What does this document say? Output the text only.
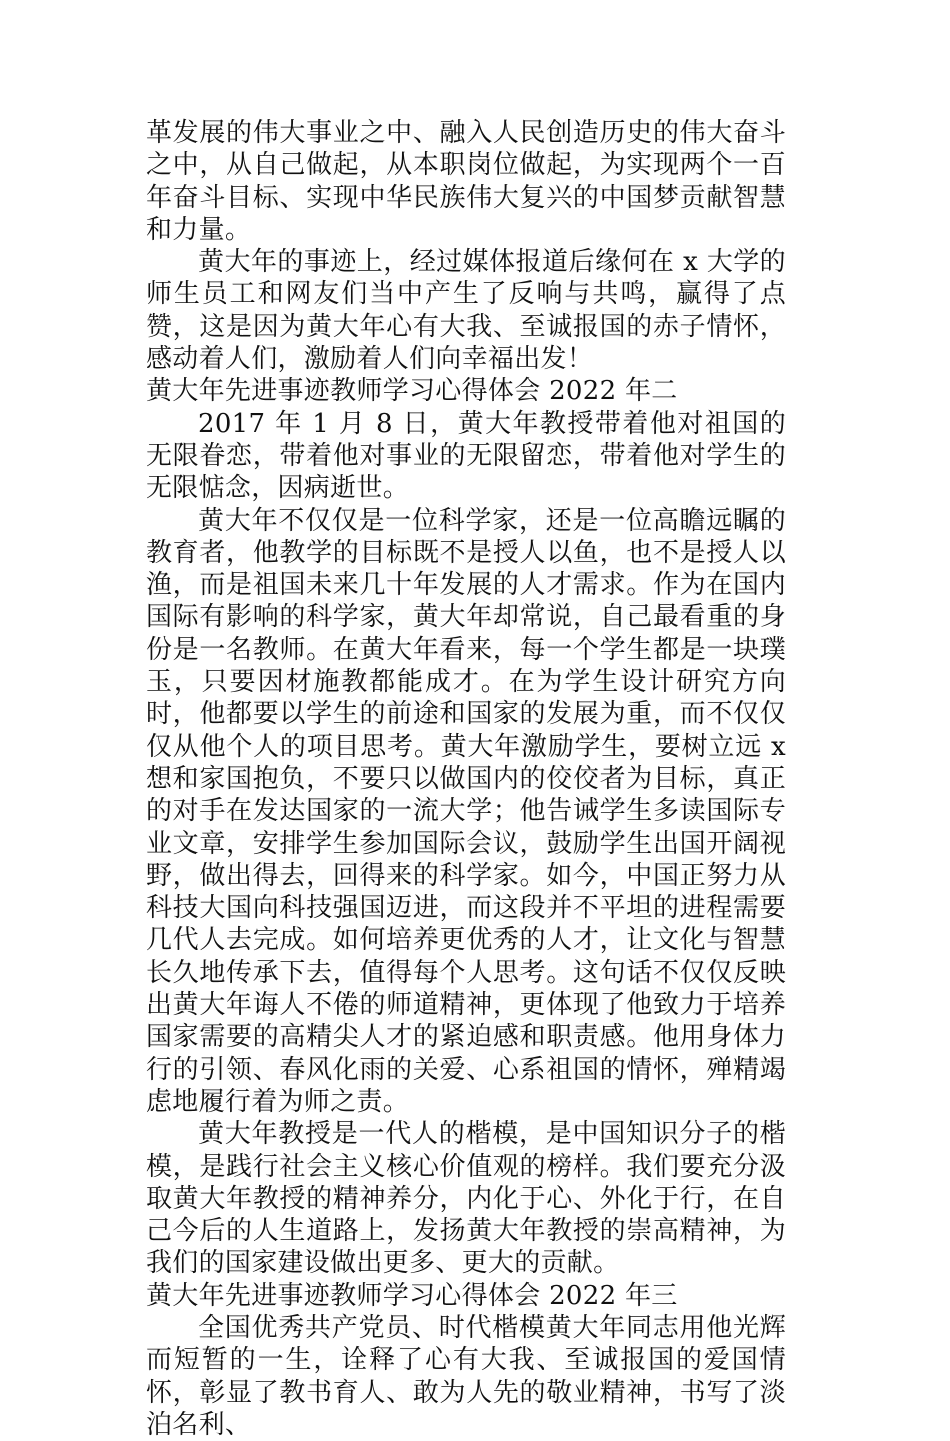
革发展的伟大事业之中、融入人民创造历史的伟大奋斗之中，从自己做起，从本职岗位做起，为实现两个一百年奋斗目标、实现中华民族伟大复兴的中国梦贡献智慧和力量。

黄大年的事迹上，经过媒体报道后缘何在 x 大学的师生员工和网友们当中产生了反响与共鸣，赢得了点赞，这是因为黄大年心有大我、至诚报国的赤子情怀，感动着人们，激励着人们向幸福出发！

黄大年先进事迹教师学习心得体会 2022 年二

2017 年 1 月 8 日，黄大年教授带着他对祖国的无限眷恋，带着他对事业的无限留恋，带着他对学生的无限惦念，因病逝世。

黄大年不仅仅是一位科学家，还是一位高瞻远瞩的教育者，他教学的目标既不是授人以鱼，也不是授人以渔，而是祖国未来几十年发展的人才需求。作为在国内国际有影响的科学家，黄大年却常说，自己最看重的身份是一名教师。在黄大年看来，每一个学生都是一块璞玉，只要因材施教都能成才。在为学生设计研究方向时，他都要以学生的前途和国家的发展为重，而不仅仅仅从他个人的项目思考。黄大年激励学生，要树立远 x 想和家国抱负，不要只以做国内的佼佼者为目标，真正的对手在发达国家的一流大学；他告诫学生多读国际专业文章，安排学生参加国际会议，鼓励学生出国开阔视野，做出得去，回得来的科学家。如今，中国正努力从科技大国向科技强国迈进，而这段并不平坦的进程需要几代人去完成。如何培养更优秀的人才，让文化与智慧长久地传承下去，值得每个人思考。这句话不仅仅反映出黄大年诲人不倦的师道精神，更体现了他致力于培养国家需要的高精尖人才的紧迫感和职责感。他用身体力行的引领、春风化雨的关爱、心系祖国的情怀，殚精竭虑地履行着为师之责。

黄大年教授是一代人的楷模，是中国知识分子的楷模，是践行社会主义核心价值观的榜样。我们要充分汲取黄大年教授的精神养分，内化于心、外化于行，在自己今后的人生道路上，发扬黄大年教授的崇高精神，为我们的国家建设做出更多、更大的贡献。

黄大年先进事迹教师学习心得体会 2022 年三

全国优秀共产党员、时代楷模黄大年同志用他光辉而短暂的一生，诠释了心有大我、至诚报国的爱国情怀，彰显了教书育人、敢为人先的敬业精神，书写了淡泊名利、
